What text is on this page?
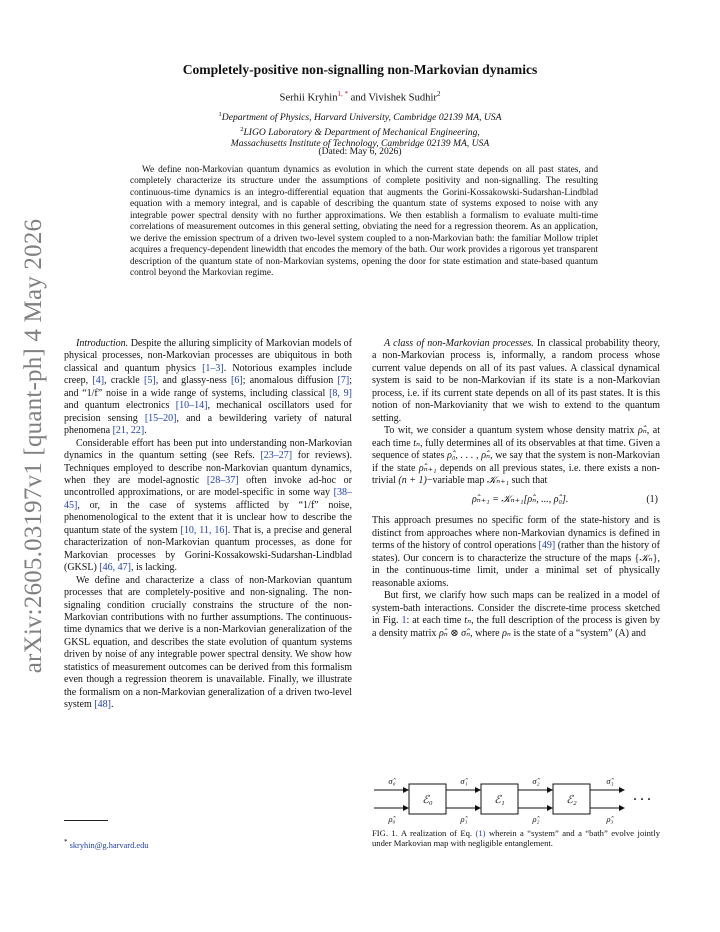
arXiv:2605.03197v1 [quant-ph] 4 May 2026
Completely-positive non-signalling non-Markovian dynamics
Serhii Kryhin$^{1, *}$ and Vivishek Sudhir$^2$
$^1$Department of Physics, Harvard University, Cambridge 02139 MA, USA
$^2$LIGO Laboratory & Department of Mechanical Engineering,
Massachusetts Institute of Technology, Cambridge 02139 MA, USA
(Dated: May 6, 2026)
We define non-Markovian quantum dynamics as evolution in which the current state depends on all past states, and completely characterize its structure under the assumptions of complete positivity and non-signalling. The resulting continuous-time dynamics is an integro-differential equation that augments the Gorini-Kossakowski-Sudarshan-Lindblad equation with a memory integral, and is capable of describing the quantum state of systems exposed to noise with any integrable power spectral density with no further approximations. We then establish a formalism to evaluate multi-time correlations of measurement outcomes in this general setting, obviating the need for a regression theorem. As an application, we derive the emission spectrum of a driven two-level system coupled to a non-Markovian bath: the familiar Mollow triplet acquires a frequency-dependent linewidth that encodes the memory of the bath. Our work provides a rigorous yet transparent description of the quantum state of non-Markovian systems, opening the door for state estimation and state-based quantum control beyond the Markovian regime.

Introduction. Despite the alluring simplicity of Markovian models of physical processes, non-Markovian processes are ubiquitous in both classical and quantum physics [1–3]. Notorious examples include creep, [4], crackle [5], and glassy-ness [6]; anomalous diffusion [7]; and “1/f” noise in a wide range of systems, including classical [8, 9] and quantum electronics [10–14], mechanical oscillators used for precision sensing [15–20], and a bewildering variety of natural phenomena [21, 22].

Considerable effort has been put into understanding non-Markovian dynamics in the quantum setting (see Refs. [23–27] for reviews). Techniques employed to describe non-Markovian quantum dynamics, when they are model-agnostic [28–37] often invoke ad-hoc or uncontrolled approximations, or are model-specific in some way [38–45], or, in the case of systems afflicted by “1/f” noise, phenomenological to the extent that it is unclear how to describe the quantum state of the system [10, 11, 16]. That is, a precise and general characterization of non-Markovian quantum processes, as done for Markovian processes by Gorini-Kossakowski-Sudarshan-Lindblad (GKSL) [46, 47], is lacking.

We define and characterize a class of non-Markovian quantum processes that are completely-positive and non-signaling. The non-signaling condition crucially constrains the structure of the non-Markovian contributions with no further assumptions. The continuous-time dynamics that we derive is a non-Markovian generalization of the GKSL equation, and describes the state evolution of quantum systems driven by noise of any integrable power spectral density. We show how statistics of measurement outcomes can be derived from this formalism even though a regression theorem is unavailable. Finally, we illustrate the formalism on a non-Markovian generalization of a driven two-level system [48].

A class of non-Markovian processes. In classical probability theory, a non-Markovian process is, informally, a random process whose current value depends on all of its past values. A classical dynamical system is said to be non-Markovian if its state is a non-Markovian process, i.e. if its current state depends on all of its past states. It is this notion of non-Markovianity that we wish to extend to the quantum setting.

To wit, we consider a quantum system whose density matrix ρ̂ₙ, at each time tₙ, fully determines all of its observables at that time. Given a sequence of states ρ̂₀, . . . , ρ̂ₙ, we say that the system is non-Markovian if the state ρ̂ₙ₊₁ depends on all previous states, i.e. there exists a non-trivial (n + 1)−variable map 𝒦ₙ₊₁ such that

ρ̂ₙ₊₁ = 𝒦ₙ₊₁[ρ̂ₙ, ..., ρ̂₀].	(1)

This approach presumes no specific form of the state-history and is distinct from approaches where non-Markovian dynamics is defined in terms of the history of control operations [49] (rather than the history of states). Our concern is to characterize the structure of the maps {𝒦ₙ}, in the continuous-time limit, under a minimal set of physically reasonable axioms.

But first, we clarify how such maps can be realized in a model of system-bath interactions. Consider the discrete-time process sketched in Fig. 1: at each time tₙ, the full description of the process is given by a density matrix ρ̂ₙ ⊗ σ̂ₙ, where ρₙ is the state of a “system” (A) and

σ̂₀	σ̂₁	σ̂₂	σ̂₃
ρ̂₀	ρ̂₁	ρ̂₂	ρ̂₃
ℰ₀	ℰ₁	ℰ₂	· · ·
FIG. 1. A realization of Eq. (1) wherein a “system” and a “bath” evolve jointly under Markovian map with negligible entanglement.
* skryhin@g.harvard.edu
